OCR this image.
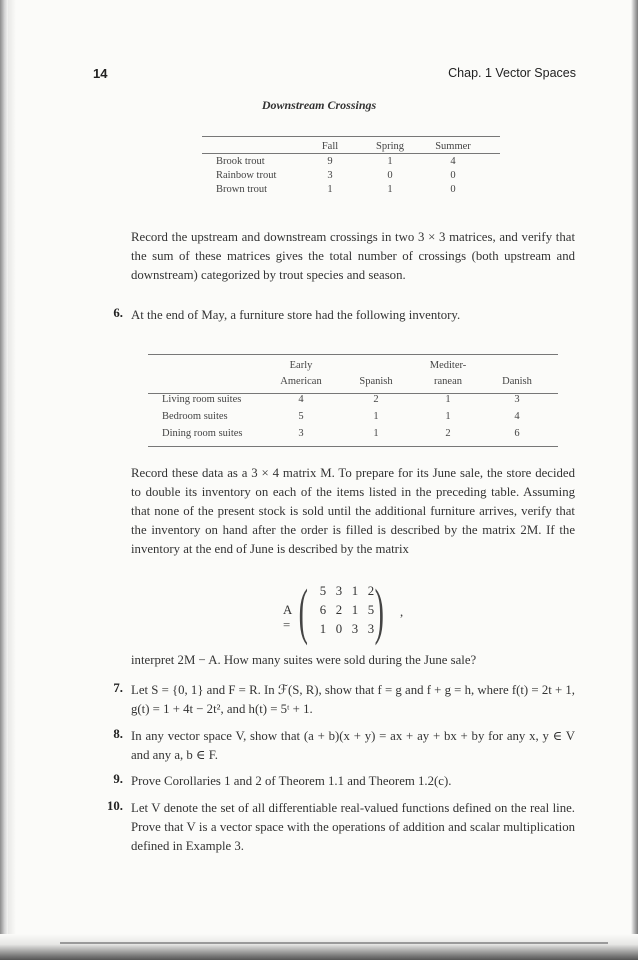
14	Chap. 1 Vector Spaces
Downstream Crossings
	Fall	Spring	Summer
Brook trout	9	1	4
Rainbow trout	3	0	0
Brown trout	1	1	0
Record the upstream and downstream crossings in two 3 × 3 matrices, and verify that the sum of these matrices gives the total number of crossings (both upstream and downstream) categorized by trout species and season.
6. At the end of May, a furniture store had the following inventory.
	Early		Mediter-	
	American	Spanish	ranean	Danish
Living room suites	4	2	1	3
Bedroom suites	5	1	1	4
Dining room suites	3	1	2	6
Record these data as a 3 × 4 matrix M. To prepare for its June sale, the store decided to double its inventory on each of the items listed in the preceding table. Assuming that none of the present stock is sold until the additional furniture arrives, verify that the inventory on hand after the order is filled is described by the matrix 2M. If the inventory at the end of June is described by the matrix
A = ( 5 3 1 2
6 2 1 5
1 0 3 3 ) ,
interpret 2M − A. How many suites were sold during the June sale?
7. Let S = {0, 1} and F = R. In ℱ(S, R), show that f = g and f + g = h, where f(t) = 2t + 1, g(t) = 1 + 4t − 2t², and h(t) = 5ᵗ + 1.
8. In any vector space V, show that (a + b)(x + y) = ax + ay + bx + by for any x, y ∈ V and any a, b ∈ F.
9. Prove Corollaries 1 and 2 of Theorem 1.1 and Theorem 1.2(c).
10. Let V denote the set of all differentiable real-valued functions defined on the real line. Prove that V is a vector space with the operations of addition and scalar multiplication defined in Example 3.
